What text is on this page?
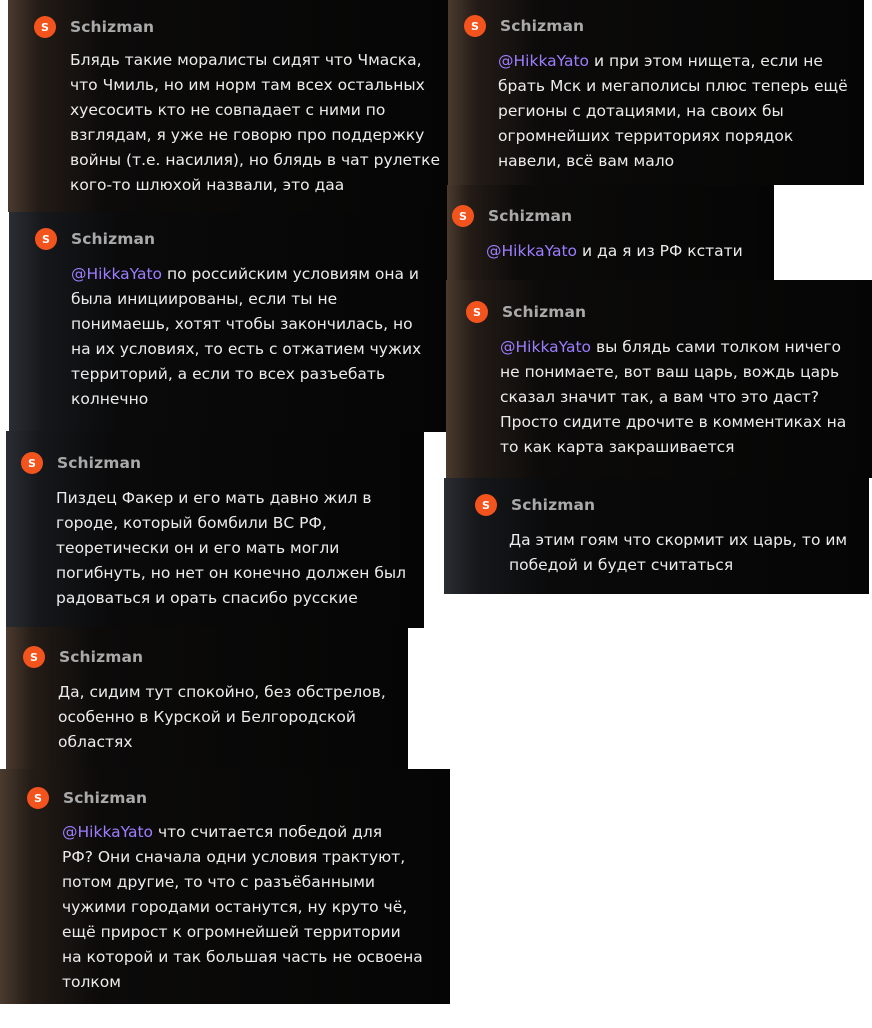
S	Schizman
Блядь такие моралисты сидят что Чмаска,
что Чмиль, но им норм там всех остальных
хуесосить кто не совпадает с ними по
взглядам, я уже не говорю про поддержку
войны (т.е. насилия), но блядь в чат рулетке
кого-то шлюхой назвали, это даа
S	Schizman
@HikkaYato по российским условиям она и
была инициированы, если ты не
понимаешь, хотят чтобы закончилась, но
на их условиях, то есть с отжатием чужих
территорий, а если то всех разъебать
колнечно
S	Schizman
Пиздец Факер и его мать давно жил в
городе, который бомбили ВС РФ,
теоретически он и его мать могли
погибнуть, но нет он конечно должен был
радоваться и орать спасибо русские
S	Schizman
Да, сидим тут спокойно, без обстрелов,
особенно в Курской и Белгородской
областях
S	Schizman
@HikkaYato что считается победой для
РФ? Они сначала одни условия трактуют,
потом другие, то что с разъёбанными
чужими городами останутся, ну круто чё,
ещё прирост к огромнейшей территории
на которой и так большая часть не освоена
толком
S	Schizman
@HikkaYato и при этом нищета, если не
брать Мск и мегаполисы плюс теперь ещё
регионы с дотациями, на своих бы
огромнейших территориях порядок
навели, всё вам мало
S	Schizman
@HikkaYato и да я из РФ кстати
S	Schizman
@HikkaYato вы блядь сами толком ничего
не понимаете, вот ваш царь, вождь царь
сказал значит так, а вам что это даст?
Просто сидите дрочите в комментиках на
то как карта закрашивается
S	Schizman
Да этим гоям что скормит их царь, то им
победой и будет считаться
